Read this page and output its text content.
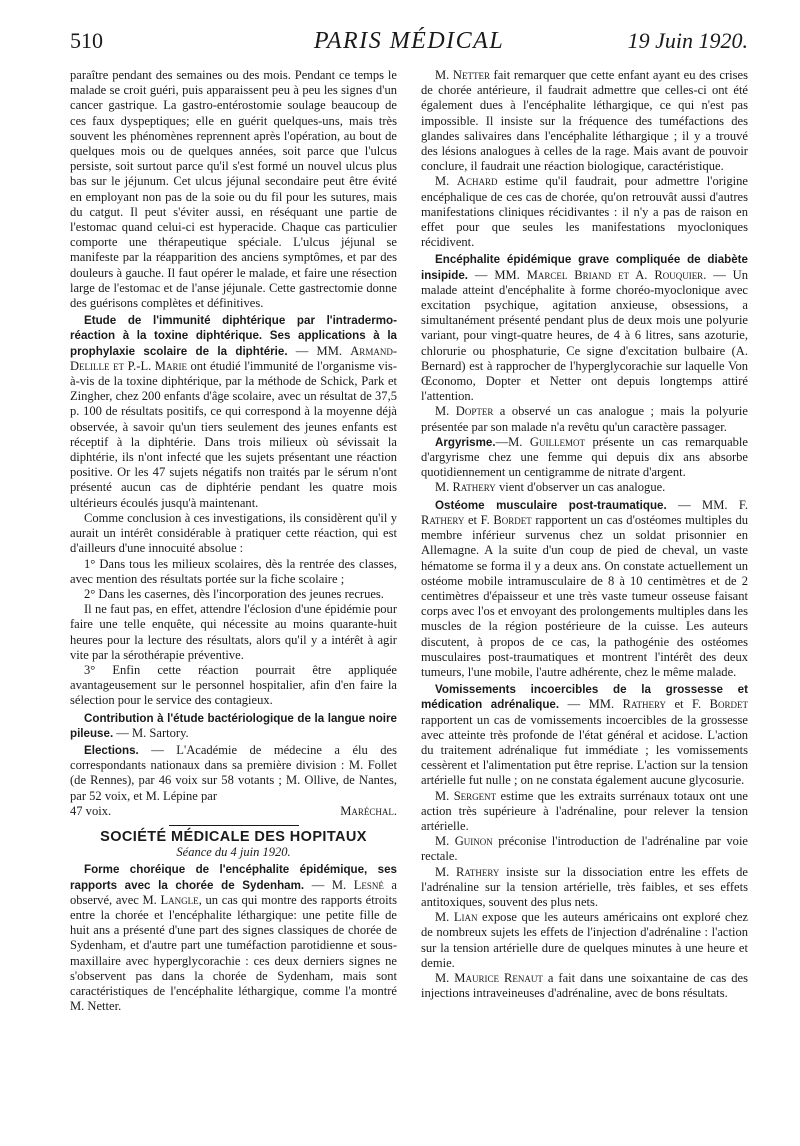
510	PARIS MÉDICAL	19 Juin 1920.

paraître pendant des semaines ou des mois. Pendant ce temps le malade se croit guéri, puis apparaissent peu à peu les signes d'un cancer gastrique. La gastro-entérostomie soulage beaucoup de ces faux dyspeptiques; elle en guérit quelques-uns, mais très souvent les phénomènes reprennent après l'opération, au bout de quelques mois ou de quelques années, soit parce que l'ulcus persiste, soit surtout parce qu'il s'est formé un nouvel ulcus plus bas sur le jéjunum. Cet ulcus jéjunal secondaire peut être évité en employant non pas de la soie ou du fil pour les sutures, mais du catgut. Il peut s'éviter aussi, en réséquant une partie de l'estomac quand celui-ci est hyperacide. Chaque cas particulier comporte une thérapeutique spéciale. L'ulcus jéjunal se manifeste par la réapparition des anciens symptômes, et par des douleurs à gauche. Il faut opérer le malade, et faire une résection large de l'estomac et de l'anse jéjunale. Cette gastrectomie donne des guérisons complètes et définitives.

Etude de l'immunité diphtérique par l'intradermo-réaction à la toxine diphtérique. Ses applications à la prophylaxie scolaire de la diphtérie. — MM. Armand-Delille et P.-L. Marie ont étudié l'immunité de l'organisme vis-à-vis de la toxine diphtérique, par la méthode de Schick, Park et Zingher, chez 200 enfants d'âge scolaire, avec un résultat de 37,5 p. 100 de résultats positifs, ce qui correspond à la moyenne déjà observée, à savoir qu'un tiers seulement des jeunes enfants est réceptif à la diphtérie. Dans trois milieux où sévissait la diphtérie, ils n'ont infecté que les sujets présentant une réaction positive. Or les 47 sujets négatifs non traités par le sérum n'ont présenté aucun cas de diphtérie pendant les quatre mois ultérieurs écoulés jusqu'à maintenant.

Comme conclusion à ces investigations, ils considèrent qu'il y aurait un intérêt considérable à pratiquer cette réaction, qui est d'ailleurs d'une innocuité absolue :

1° Dans tous les milieux scolaires, dès la rentrée des classes, avec mention des résultats portée sur la fiche scolaire ;

2° Dans les casernes, dès l'incorporation des jeunes recrues.

Il ne faut pas, en effet, attendre l'éclosion d'une épidémie pour faire une telle enquête, qui nécessite au moins quarante-huit heures pour la lecture des résultats, alors qu'il y a intérêt à agir vite par la sérothérapie préventive.

3° Enfin cette réaction pourrait être appliquée avantageusement sur le personnel hospitalier, afin d'en faire la sélection pour le service des contagieux.

Contribution à l'étude bactériologique de la langue noire pileuse. — M. Sartory.

Elections. — L'Académie de médecine a élu des correspondants nationaux dans sa première division : M. Follet (de Rennes), par 46 voix sur 58 votants ; M. Ollive, de Nantes, par 52 voix, et M. Lépine par

47 voix.	Maréchal.
SOCIÉTÉ MÉDICALE DES HOPITAUX
Séance du 4 juin 1920.

Forme choréique de l'encéphalite épidémique, ses rapports avec la chorée de Sydenham. — M. Lesné a observé, avec M. Langle, un cas qui montre des rapports étroits entre la chorée et l'encéphalite léthargique: une petite fille de huit ans a présenté d'une part des signes classiques de chorée de Sydenham, et d'autre part une tuméfaction parotidienne et sous-maxillaire avec hyperglycorachie : ces deux derniers signes ne s'observent pas dans la chorée de Sydenham, mais sont caractéristiques de l'encéphalite léthargique, comme l'a montré M. Netter.

M. Netter fait remarquer que cette enfant ayant eu des crises de chorée antérieure, il faudrait admettre que celles-ci ont été également dues à l'encéphalite léthargique, ce qui n'est pas impossible. Il insiste sur la fréquence des tuméfactions des glandes salivaires dans l'encéphalite léthargique ; il y a trouvé des lésions analogues à celles de la rage. Mais avant de pouvoir conclure, il faudrait une réaction biologique, caractéristique.

M. Achard estime qu'il faudrait, pour admettre l'origine encéphalique de ces cas de chorée, qu'on retrouvât aussi d'autres manifestations cliniques récidivantes : il n'y a pas de raison en effet pour que seules les manifestations myocloniques récidivent.

Encéphalite épidémique grave compliquée de diabète insipide. — MM. Marcel Briand et A. Rouquier. — Un malade atteint d'encéphalite à forme choréo-myoclonique avec excitation psychique, agitation anxieuse, obsessions, a simultanément présenté pendant plus de deux mois une polyurie variant, pour vingt-quatre heures, de 4 à 6 litres, sans azoturie, chlorurie ou phosphaturie, Ce signe d'excitation bulbaire (A. Bernard) est à rapprocher de l'hyperglycorachie sur laquelle Von Œconomo, Dopter et Netter ont depuis longtemps attiré l'attention.

M. Dopter a observé un cas analogue ; mais la polyurie présentée par son malade n'a revêtu qu'un caractère passager.

Argyrisme.—M. Guillemot présente un cas remarquable d'argyrisme chez une femme qui depuis dix ans absorbe quotidiennement un centigramme de nitrate d'argent.

M. Rathery vient d'observer un cas analogue.

Ostéome musculaire post-traumatique. — MM. F. Rathery et F. Bordet rapportent un cas d'ostéomes multiples du membre inférieur survenus chez un soldat prisonnier en Allemagne. A la suite d'un coup de pied de cheval, un vaste hématome se forma il y a deux ans. On constate actuellement un ostéome mobile intramusculaire de 8 à 10 centimètres et de 2 centimètres d'épaisseur et une très vaste tumeur osseuse faisant corps avec l'os et envoyant des prolongements multiples dans les muscles de la région postérieure de la cuisse. Les auteurs discutent, à propos de ce cas, la pathogénie des ostéomes musculaires post-traumatiques et montrent l'intérêt des deux tumeurs, l'une mobile, l'autre adhérente, chez le même malade.

Vomissements incoercibles de la grossesse et médication adrénalique. — MM. Rathery et F. Bordet rapportent un cas de vomissements incoercibles de la grossesse avec atteinte très profonde de l'état général et acidose. L'action du traitement adrénalique fut immédiate ; les vomissements cessèrent et l'alimentation put être reprise. L'action sur la tension artérielle fut nulle ; on ne constata également aucune glycosurie.

M. Sergent estime que les extraits surrénaux totaux ont une action très supérieure à l'adrénaline, pour relever la tension artérielle.

M. Guinon préconise l'introduction de l'adrénaline par voie rectale.

M. Rathery insiste sur la dissociation entre les effets de l'adrénaline sur la tension artérielle, très faibles, et ses effets antitoxiques, souvent des plus nets.

M. Lian expose que les auteurs américains ont exploré chez de nombreux sujets les effets de l'injection d'adrénaline : l'action sur la tension artérielle dure de quelques minutes à une heure et demie.

M. Maurice Renaut a fait dans une soixantaine de cas des injections intraveineuses d'adrénaline, avec de bons résultats.
